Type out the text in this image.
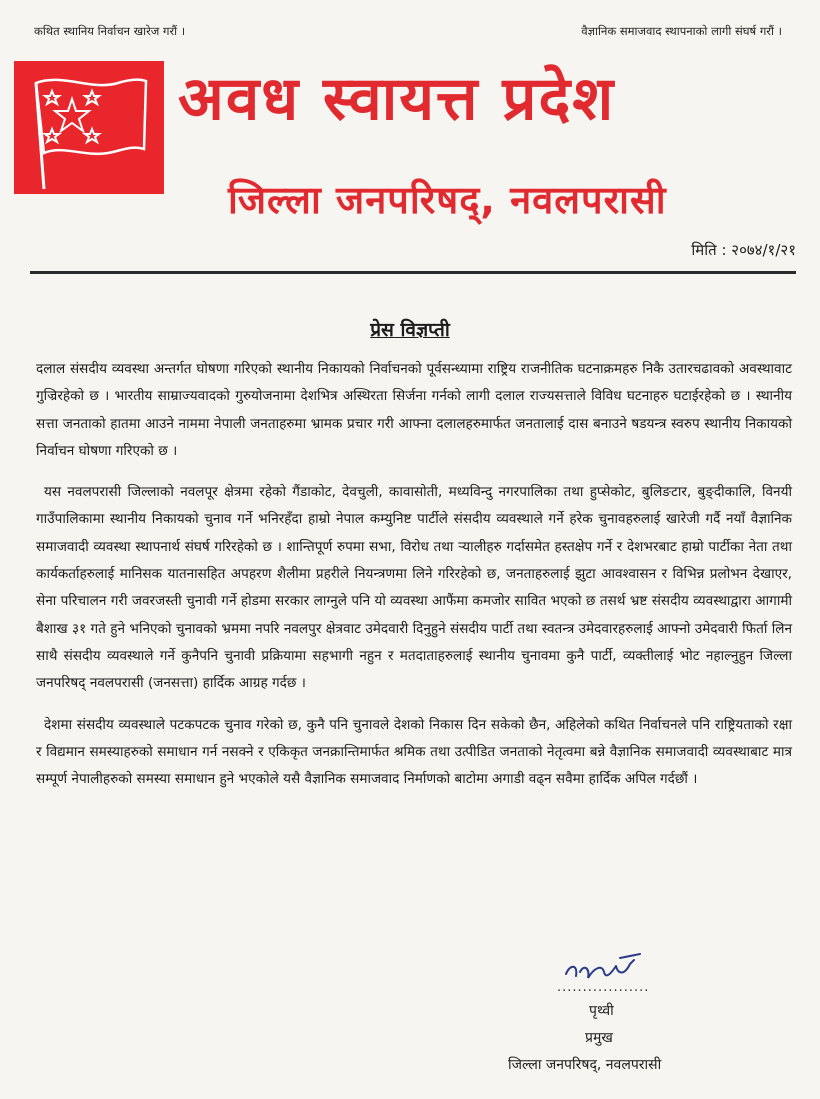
कथित स्थानिय निर्वाचन खारेज गरौं ।	वैज्ञानिक समाजवाद स्थापनाको लागी संघर्ष गरौं ।
अवध स्वायत्त प्रदेश
जिल्ला जनपरिषद्, नवलपरासी
मिति : २०७४/१/२१
प्रेस विज्ञप्ती

दलाल संसदीय व्यवस्था अन्तर्गत घोषणा गरिएको स्थानीय निकायको निर्वाचनको पूर्वसन्ध्यामा राष्ट्रिय राजनीतिक घटनाक्रमहरु निकै उतारचढावको अवस्थावाट गुज्रिरहेको छ । भारतीय साम्राज्यवादको गुरुयोजनामा देशभित्र अस्थिरता सिर्जना गर्नको लागी दलाल राज्यसत्ताले विविध घटनाहरु घटाईरहेको छ । स्थानीय सत्ता जनताको हातमा आउने नाममा नेपाली जनताहरुमा भ्रामक प्रचार गरी आफ्ना दलालहरुमार्फत जनतालाई दास बनाउने षडयन्त्र स्वरुप स्थानीय निकायको निर्वाचन घोषणा गरिएको छ ।

यस नवलपरासी जिल्लाको नवलपूर क्षेत्रमा रहेको गैंडाकोट, देवचुली, कावासोती, मध्यविन्दु नगरपालिका तथा हुप्सेकोट, बुलिङटार, बुङ्दीकालि, विनयी गाउँपालिकामा स्थानीय निकायको चुनाव गर्ने भनिरहँदा हाम्रो नेपाल कम्युनिष्ट पार्टीले संसदीय व्यवस्थाले गर्ने हरेक चुनावहरुलाई खारेजी गर्दै नयाँ वैज्ञानिक समाजवादी व्यवस्था स्थापनार्थ संघर्ष गरिरहेको छ । शान्तिपूर्ण रुपमा सभा, विरोध तथा ऱ्यालीहरु गर्दासमेत हस्तक्षेप गर्ने र देशभरबाट हाम्रो पार्टीका नेता तथा कार्यकर्ताहरुलाई मानिसक यातनासहित अपहरण शैलीमा प्रहरीले नियन्त्रणमा लिने गरिरहेको छ, जनताहरुलाई झुटा आवश्वासन र विभिन्न प्रलोभन देखाएर, सेना परिचालन गरी जवरजस्ती चुनावी गर्ने होडमा सरकार लाग्नुले पनि यो व्यवस्था आफैंमा कमजोर सावित भएको छ तसर्थ भ्रष्ट संसदीय व्यवस्थाद्वारा आगामी बैशाख ३१ गते हुने भनिएको चुनावको भ्रममा नपरि नवलपुर क्षेत्रवाट उमेदवारी दिनुहुने संसदीय पार्टी तथा स्वतन्त्र उमेदवारहरुलाई आफ्नो उमेदवारी फिर्ता लिन साथै संसदीय व्यवस्थाले गर्ने कुनैपनि चुनावी प्रक्रियामा सहभागी नहुन र मतदाताहरुलाई स्थानीय चुनावमा कुनै पार्टी, व्यक्तीलाई भोट नहाल्नुहुन जिल्ला जनपरिषद् नवलपरासी (जनसत्ता) हार्दिक आग्रह गर्दछ ।

देशमा संसदीय व्यवस्थाले पटकपटक चुनाव गरेको छ, कुनै पनि चुनावले देशको निकास दिन सकेको छैन, अहिलेको कथित निर्वाचनले पनि राष्ट्रियताको रक्षा र विद्यमान समस्याहरुको समाधान गर्न नसक्ने र एकिकृत जनक्रान्तिमार्फत श्रमिक तथा उत्पीडित जनताको नेतृत्वमा बन्ने वैज्ञानिक समाजवादी व्यवस्थाबाट मात्र सम्पूर्ण नेपालीहरुको समस्या समाधान हुने भएकोले यसै वैज्ञानिक समाजवाद निर्माणको बाटोमा अगाडी वढ्न सवैमा हार्दिक अपिल गर्दछौं ।

..................
पृथ्वी
प्रमुख
जिल्ला जनपरिषद्, नवलपरासी
